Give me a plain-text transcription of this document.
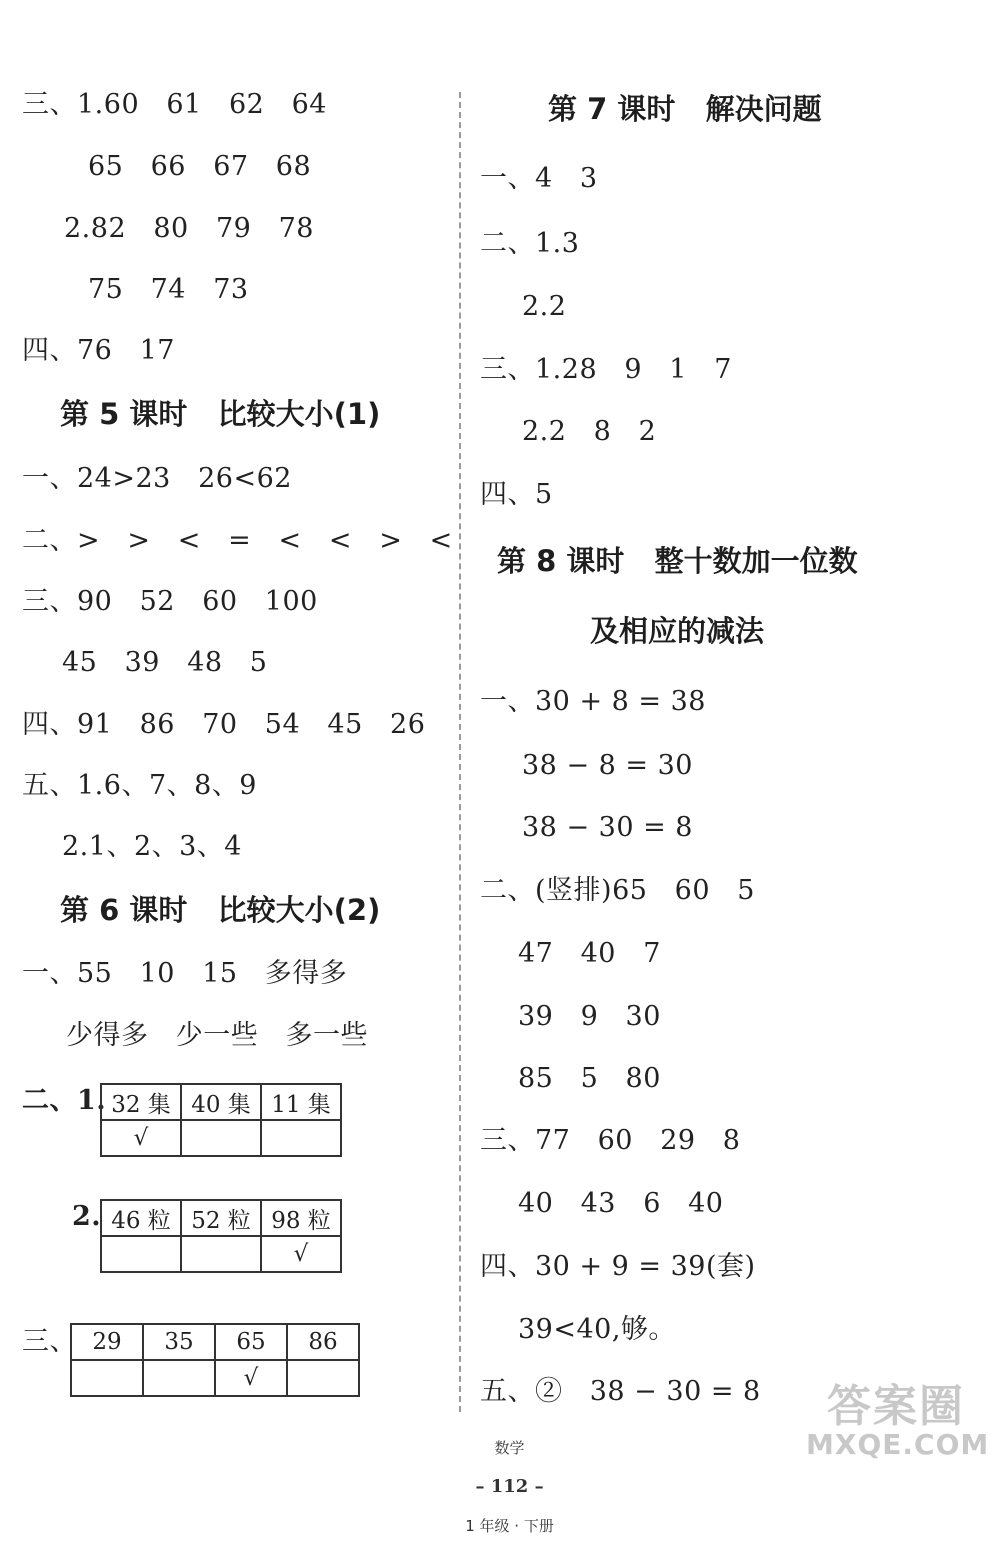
三、1.60   61   62   64
65   66   67   68
2.82   80   79   78
75   74   73
四、76   17
第 5 课时   比较大小(1)
一、24>23   26<62
二、>   >   <   =   <   <   >   <
三、90   52   60   100
45   39   48   5
四、91   86   70   54   45   26
五、1.6、7、8、9
2.1、2、3、4
第 6 课时   比较大小(2)
一、55   10   15   多得多
少得多   少一些   多一些
二、1. 32 集	40 集	11 集
√		
2. 46 粒	52 粒	98 粒
		√
三、 29	35	65	86
		√	
第 7 课时   解决问题
一、4   3
二、1.3
2.2
三、1.28   9   1   7
2.2   8   2
四、5
第 8 课时   整十数加一位数
及相应的减法
一、30 + 8 = 38
38 − 8 = 30
38 − 30 = 8
二、(竖排)65   60   5
47   40   7
39   9   30
85   5   80
三、77   60   29   8
40   43   6   40
四、30 + 9 = 39(套)
39<40,够。
五、②   38 − 30 = 8

数学

– 112 –

1 年级 · 下册

答案圈
MXQE.COM
